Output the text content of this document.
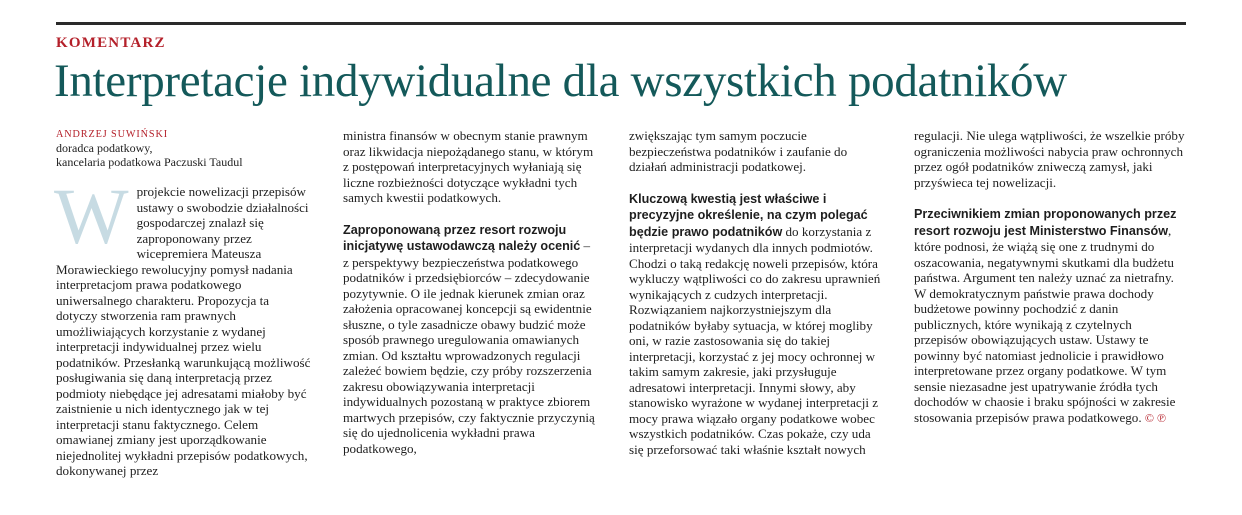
KOMENTARZ
Interpretacje indywidualne dla wszystkich podatników
ANDRZEJ SUWIŃSKI
doradca podatkowy,
kancelaria podatkowa Paczuski Taudul

Wprojekcie nowelizacji przepisów ustawy o swobodzie działalności gospodarczej znalazł się zaproponowany przez wicepremiera Mateusza Morawieckiego rewolucyjny pomysł nadania interpretacjom prawa podatkowego uniwersalnego charakteru. Propozycja ta dotyczy stworzenia ram prawnych umożliwiających korzystanie z wydanej interpretacji indywidualnej przez wielu podatników. Przesłanką warunkującą możliwość posługiwania się daną interpretacją przez podmioty niebędące jej adresatami miałoby być zaistnienie u nich identycznego jak w tej interpretacji stanu faktycznego. Celem omawianej zmiany jest uporządkowanie niejednolitej wykładni przepisów podatkowych, dokonywanej przez

ministra finansów w obecnym stanie prawnym oraz likwidacja niepożądanego stanu, w którym z postępowań interpretacyjnych wyłaniają się liczne rozbieżności dotyczące wykładni tych samych kwestii podatkowych.

Zaproponowaną przez resort rozwoju inicjatywę ustawodawczą należy ocenić – z perspektywy bezpieczeństwa podatkowego podatników i przedsiębiorców – zdecydowanie pozytywnie. O ile jednak kierunek zmian oraz założenia opracowanej koncepcji są ewidentnie słuszne, o tyle zasadnicze obawy budzić może sposób prawnego uregulowania omawianych zmian. Od kształtu wprowadzonych regulacji zależeć bowiem będzie, czy próby rozszerzenia zakresu obowiązywania interpretacji indywidualnych pozostaną w praktyce zbiorem martwych przepisów, czy faktycznie przyczynią się do ujednolicenia wykładni prawa podatkowego,

zwiększając tym samym poczucie bezpieczeństwa podatników i zaufanie do działań administracji podatkowej.

Kluczową kwestią jest właściwe i precyzyjne określenie, na czym polegać będzie prawo podatników do korzystania z interpretacji wydanych dla innych podmiotów. Chodzi o taką redakcję noweli przepisów, która wykluczy wątpliwości co do zakresu uprawnień wynikających z cudzych interpretacji. Rozwiązaniem najkorzystniejszym dla podatników byłaby sytuacja, w której mogliby oni, w razie zastosowania się do takiej interpretacji, korzystać z jej mocy ochronnej w takim samym zakresie, jaki przysługuje adresatowi interpretacji. Innymi słowy, aby stanowisko wyrażone w wydanej interpretacji z mocy prawa wiązało organy podatkowe wobec wszystkich podatników. Czas pokaże, czy uda się przeforsować taki właśnie kształt nowych

regulacji. Nie ulega wątpliwości, że wszelkie próby ograniczenia możliwości nabycia praw ochronnych przez ogół podatników zniweczą zamysł, jaki przyświeca tej nowelizacji.

Przeciwnikiem zmian proponowanych przez resort rozwoju jest Ministerstwo Finansów, które podnosi, że wiążą się one z trudnymi do oszacowania, negatywnymi skutkami dla budżetu państwa. Argument ten należy uznać za nietrafny. W demokratycznym państwie prawa dochody budżetowe powinny pochodzić z danin publicznych, które wynikają z czytelnych przepisów obowiązujących ustaw. Ustawy te powinny być natomiast jednolicie i prawidłowo interpretowane przez organy podatkowe. W tym sensie niezasadne jest upatrywanie źródła tych dochodów w chaosie i braku spójności w zakresie stosowania przepisów prawa podatkowego. © ℗
